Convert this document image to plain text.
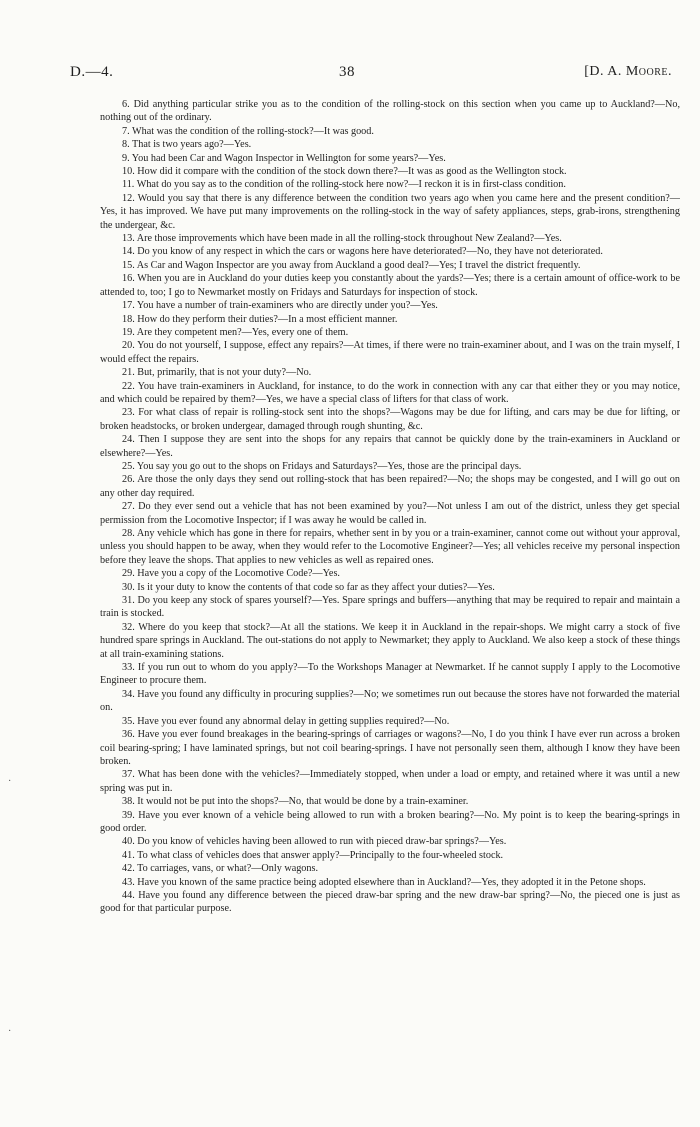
D.—4.	38	[D. A. Moore.

6. Did anything particular strike you as to the condition of the rolling-stock on this section when you came up to Auckland?—No, nothing out of the ordinary.

7. What was the condition of the rolling-stock?—It was good.

8. That is two years ago?—Yes.

9. You had been Car and Wagon Inspector in Wellington for some years?—Yes.

10. How did it compare with the condition of the stock down there?—It was as good as the Wellington stock.

11. What do you say as to the condition of the rolling-stock here now?—I reckon it is in first-class condition.

12. Would you say that there is any difference between the condition two years ago when you came here and the present condition?—Yes, it has improved. We have put many improvements on the rolling-stock in the way of safety appliances, steps, grab-irons, strengthening the undergear, &c.

13. Are those improvements which have been made in all the rolling-stock throughout New Zealand?—Yes.

14. Do you know of any respect in which the cars or wagons here have deteriorated?—No, they have not deteriorated.

15. As Car and Wagon Inspector are you away from Auckland a good deal?—Yes; I travel the district frequently.

16. When you are in Auckland do your duties keep you constantly about the yards?—Yes; there is a certain amount of office-work to be attended to, too; I go to Newmarket mostly on Fridays and Saturdays for inspection of stock.

17. You have a number of train-examiners who are directly under you?—Yes.

18. How do they perform their duties?—In a most efficient manner.

19. Are they competent men?—Yes, every one of them.

20. You do not yourself, I suppose, effect any repairs?—At times, if there were no train-examiner about, and I was on the train myself, I would effect the repairs.

21. But, primarily, that is not your duty?—No.

22. You have train-examiners in Auckland, for instance, to do the work in connection with any car that either they or you may notice, and which could be repaired by them?—Yes, we have a special class of lifters for that class of work.

23. For what class of repair is rolling-stock sent into the shops?—Wagons may be due for lifting, and cars may be due for lifting, or broken headstocks, or broken undergear, damaged through rough shunting, &c.

24. Then I suppose they are sent into the shops for any repairs that cannot be quickly done by the train-examiners in Auckland or elsewhere?—Yes.

25. You say you go out to the shops on Fridays and Saturdays?—Yes, those are the principal days.

26. Are those the only days they send out rolling-stock that has been repaired?—No; the shops may be congested, and I will go out on any other day required.

27. Do they ever send out a vehicle that has not been examined by you?—Not unless I am out of the district, unless they get special permission from the Locomotive Inspector; if I was away he would be called in.

28. Any vehicle which has gone in there for repairs, whether sent in by you or a train-examiner, cannot come out without your approval, unless you should happen to be away, when they would refer to the Locomotive Engineer?—Yes; all vehicles receive my personal inspection before they leave the shops. That applies to new vehicles as well as repaired ones.

29. Have you a copy of the Locomotive Code?—Yes.

30. Is it your duty to know the contents of that code so far as they affect your duties?—Yes.

31. Do you keep any stock of spares yourself?—Yes. Spare springs and buffers—anything that may be required to repair and maintain a train is stocked.

32. Where do you keep that stock?—At all the stations. We keep it in Auckland in the repair-shops. We might carry a stock of five hundred spare springs in Auckland. The out-stations do not apply to Newmarket; they apply to Auckland. We also keep a stock of these things at all train-examining stations.

33. If you run out to whom do you apply?—To the Workshops Manager at Newmarket. If he cannot supply I apply to the Locomotive Engineer to procure them.

34. Have you found any difficulty in procuring supplies?—No; we sometimes run out because the stores have not forwarded the material on.

35. Have you ever found any abnormal delay in getting supplies required?—No.

36. Have you ever found breakages in the bearing-springs of carriages or wagons?—No, I do you think I have ever run across a broken coil bearing-spring; I have laminated springs, but not coil bearing-springs. I have not personally seen them, although I know they have been broken.

37. What has been done with the vehicles?—Immediately stopped, when under a load or empty, and retained where it was until a new spring was put in.

38. It would not be put into the shops?—No, that would be done by a train-examiner.

39. Have you ever known of a vehicle being allowed to run with a broken bearing?—No. My point is to keep the bearing-springs in good order.

40. Do you know of vehicles having been allowed to run with pieced draw-bar springs?—Yes.

41. To what class of vehicles does that answer apply?—Principally to the four-wheeled stock.

42. To carriages, vans, or what?—Only wagons.

43. Have you known of the same practice being adopted elsewhere than in Auckland?—Yes, they adopted it in the Petone shops.

44. Have you found any difference between the pieced draw-bar spring and the new draw-bar spring?—No, the pieced one is just as good for that particular purpose.

·
·
